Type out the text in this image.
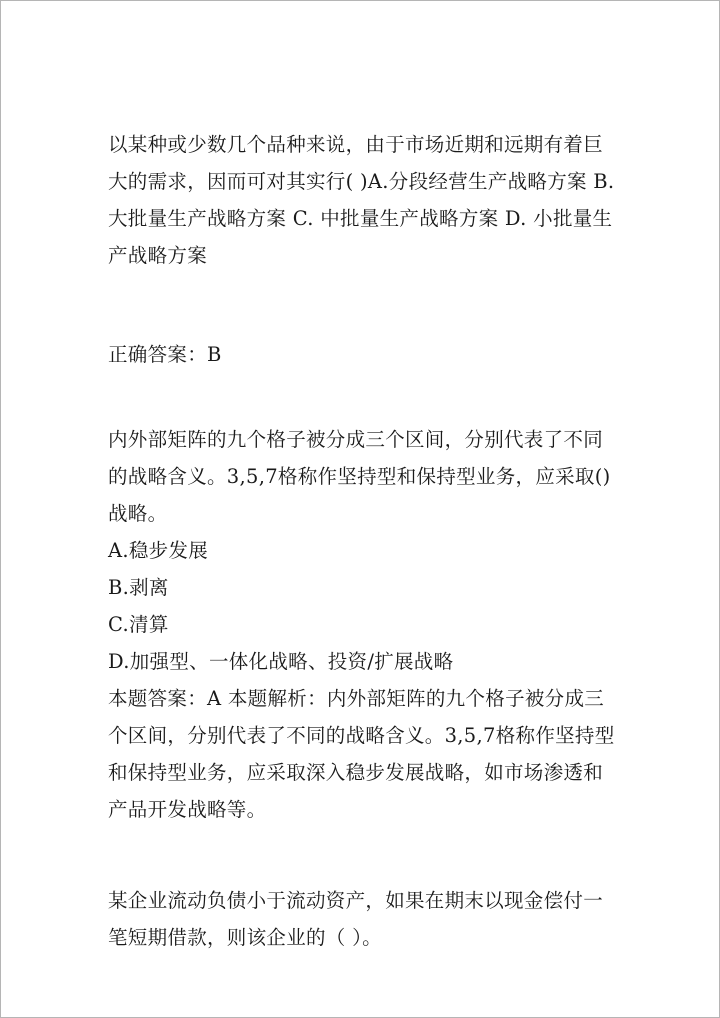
以某种或少数几个品种来说，由于市场近期和远期有着巨大的需求，因而可对其实行( )A.分段经营生产战略方案 B.大批量生产战略方案 C. 中批量生产战略方案 D. 小批量生产战略方案

正确答案：B

内外部矩阵的九个格子被分成三个区间，分别代表了不同的战略含义。3,5,7格称作坚持型和保持型业务，应采取()战略。

A.稳步发展

B.剥离

C.清算

D.加强型、一体化战略、投资/扩展战略

本题答案：A 本题解析：内外部矩阵的九个格子被分成三个区间，分别代表了不同的战略含义。3,5,7格称作坚持型和保持型业务，应采取深入稳步发展战略，如市场渗透和产品开发战略等。

某企业流动负债小于流动资产，如果在期末以现金偿付一笔短期借款，则该企业的（ ）。
